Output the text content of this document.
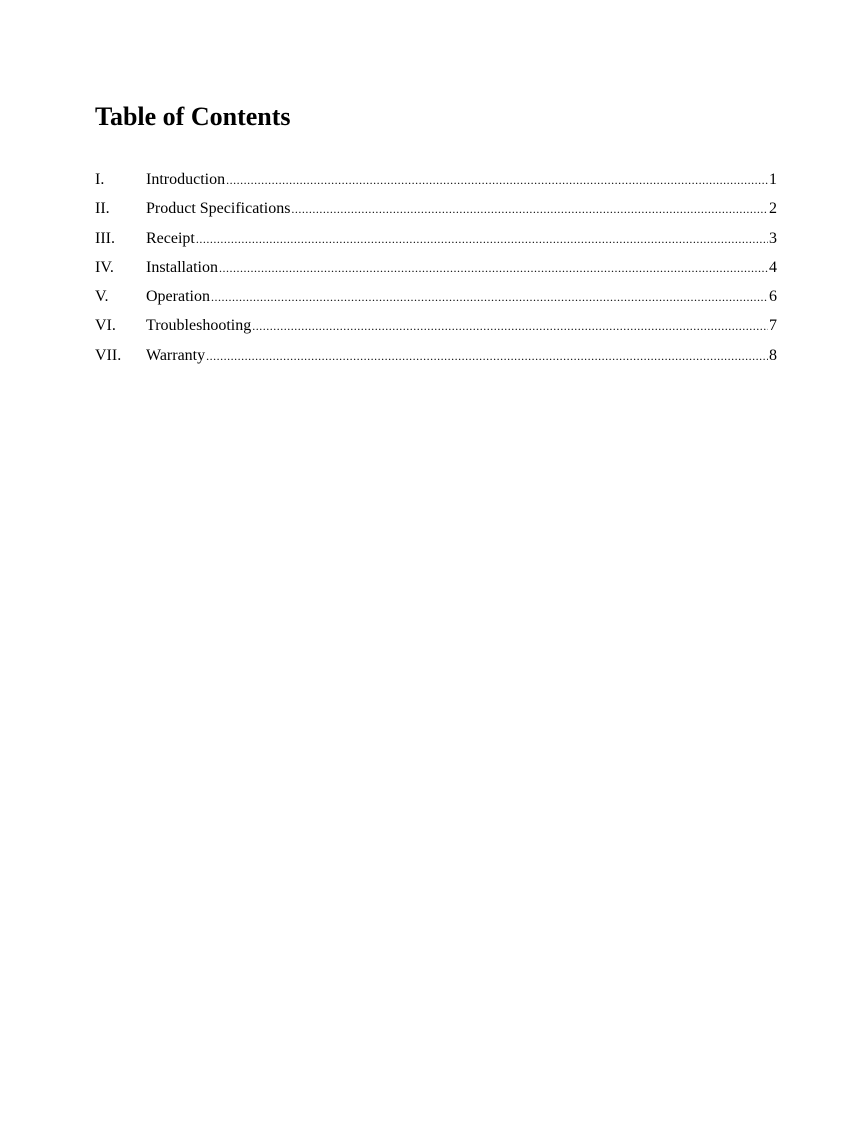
Table of Contents
I.	Introduction .....	1
II.	Product Specifications .....	2
III.	Receipt .....	3
IV.	Installation .....	4
V.	Operation .....	6
VI.	Troubleshooting .....	7
VII.	Warranty .....	8
